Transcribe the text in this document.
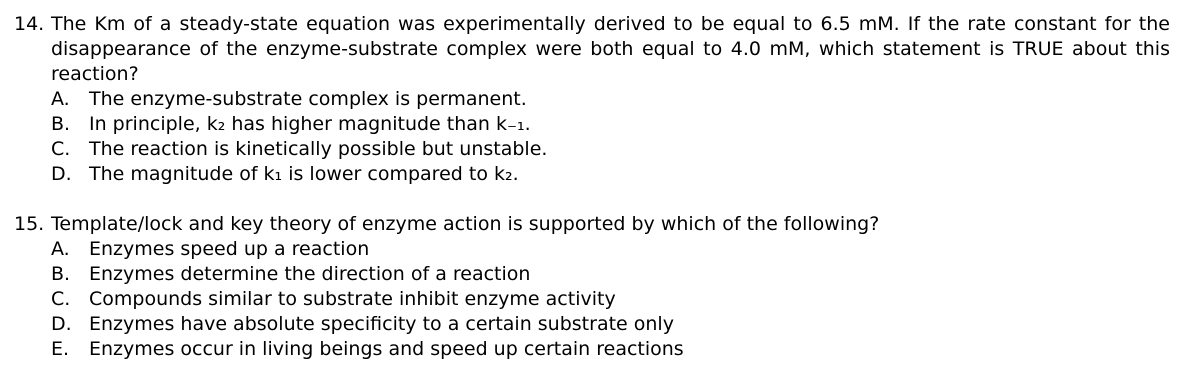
14. The Km of a steady-state equation was experimentally derived to be equal to 6.5 mM. If the rate constant for the disappearance of the enzyme-substrate complex were both equal to 4.0 mM, which statement is TRUE about this reaction?

A.	The enzyme-substrate complex is permanent.
B. In principle, k₂ has higher magnitude than k₋₁.
C. The reaction is kinetically possible but unstable.
D. The magnitude of k₁ is lower compared to k₂.
15. Template/lock and key theory of enzyme action is supported by which of the following?

A.	Enzymes speed up a reaction
B. Enzymes determine the direction of a reaction
C. Compounds similar to substrate inhibit enzyme activity
D. Enzymes have absolute specificity to a certain substrate only
E.	Enzymes occur in living beings and speed up certain reactions
